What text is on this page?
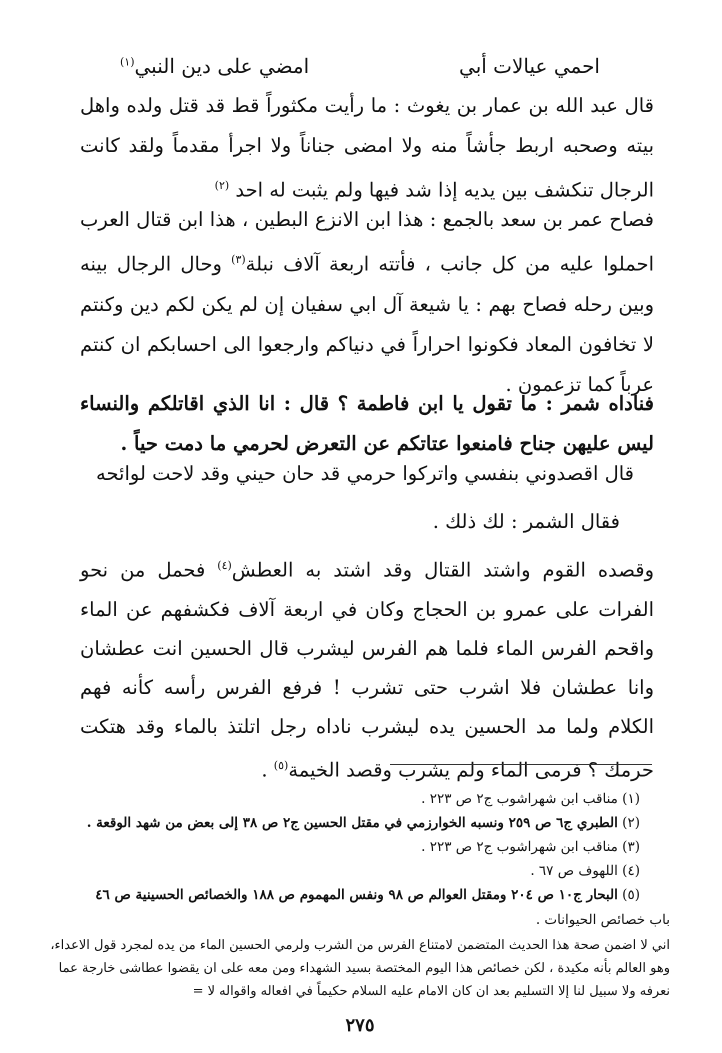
احمي عيالات أبي
امضي على دين النبي$^{(١)}$

قال عبد الله بن عمار بن يغوث : ما رأيت مكثوراً قط قد قتل ولده واهل بيته وصحبه اربط جأشاً منه ولا امضى جناناً ولا اجرأ مقدماً ولقد كانت الرجال تنكشف بين يديه إذا شد فيها ولم يثبت له احد $^{(٢)}$

فصاح عمر بن سعد بالجمع : هذا ابن الانزع البطين ، هذا ابن قتال العرب احملوا عليه من كل جانب ، فأتته اربعة آلاف نبلة$^{(٣)}$ وحال الرجال بينه وبين رحله فصاح بهم : يا شيعة آل ابي سفيان إن لم يكن لكم دين وكنتم لا تخافون المعاد فكونوا احراراً في دنياكم وارجعوا الى احسابكم ان كنتم عرباً كما تزعمون .

فناداه شمر : ما تقول يا ابن فاطمة ؟ قال : انا الذي اقاتلكم والنساء ليس عليهن جناح فامنعوا عتاتكم عن التعرض لحرمي ما دمت حياً .

قال اقصدوني بنفسي واتركوا حرمي
قد حان حيني وقد لاحت لوائحه

فقال الشمر : لك ذلك .

وقصده القوم واشتد القتال وقد اشتد به العطش$^{(٤)}$ فحمل من نحو الفرات على عمرو بن الحجاج وكان في اربعة آلاف فكشفهم عن الماء واقحم الفرس الماء فلما هم الفرس ليشرب قال الحسين انت عطشان وانا عطشان فلا اشرب حتى تشرب ! فرفع الفرس رأسه كأنه فهم الكلام ولما مد الحسين يده ليشرب ناداه رجل اتلتذ بالماء وقد هتكت حرمك ؟ فرمى الماء ولم يشرب وقصد الخيمة$^{(٥)}$ .

(١) مناقب ابن شهراشوب ج٢ ص ٢٢٣ .
(٢) الطبري ج٦ ص ٢٥٩ ونسبه الخوارزمي في مقتل الحسين ج٢ ص ٣٨ إلى بعض من شهد الوقعة .
(٣) مناقب ابن شهراشوب ج٢ ص ٢٢٣ .
(٤) اللهوف ص ٦٧ .
(٥) البحار ج١٠ ص ٢٠٤ ومقتل العوالم ص ٩٨ ونفس المهموم ص ١٨٨ والخصائص الحسينية ص ٤٦
باب خصائص الحيوانات .
اني لا اضمن صحة هذا الحديث المتضمن لامتناع الفرس من الشرب ولرمي الحسين الماء من يده لمجرد قول الاعداء، وهو العالم بأنه مكيدة ، لكن خصائص هذا اليوم المختصة بسيد الشهداء ومن معه على ان يقضوا عطاشى خارجة عما نعرفه ولا سبيل لنا إلا التسليم بعد ان كان الامام عليه السلام حكيماً في افعاله واقواله لا =
٢٧٥
